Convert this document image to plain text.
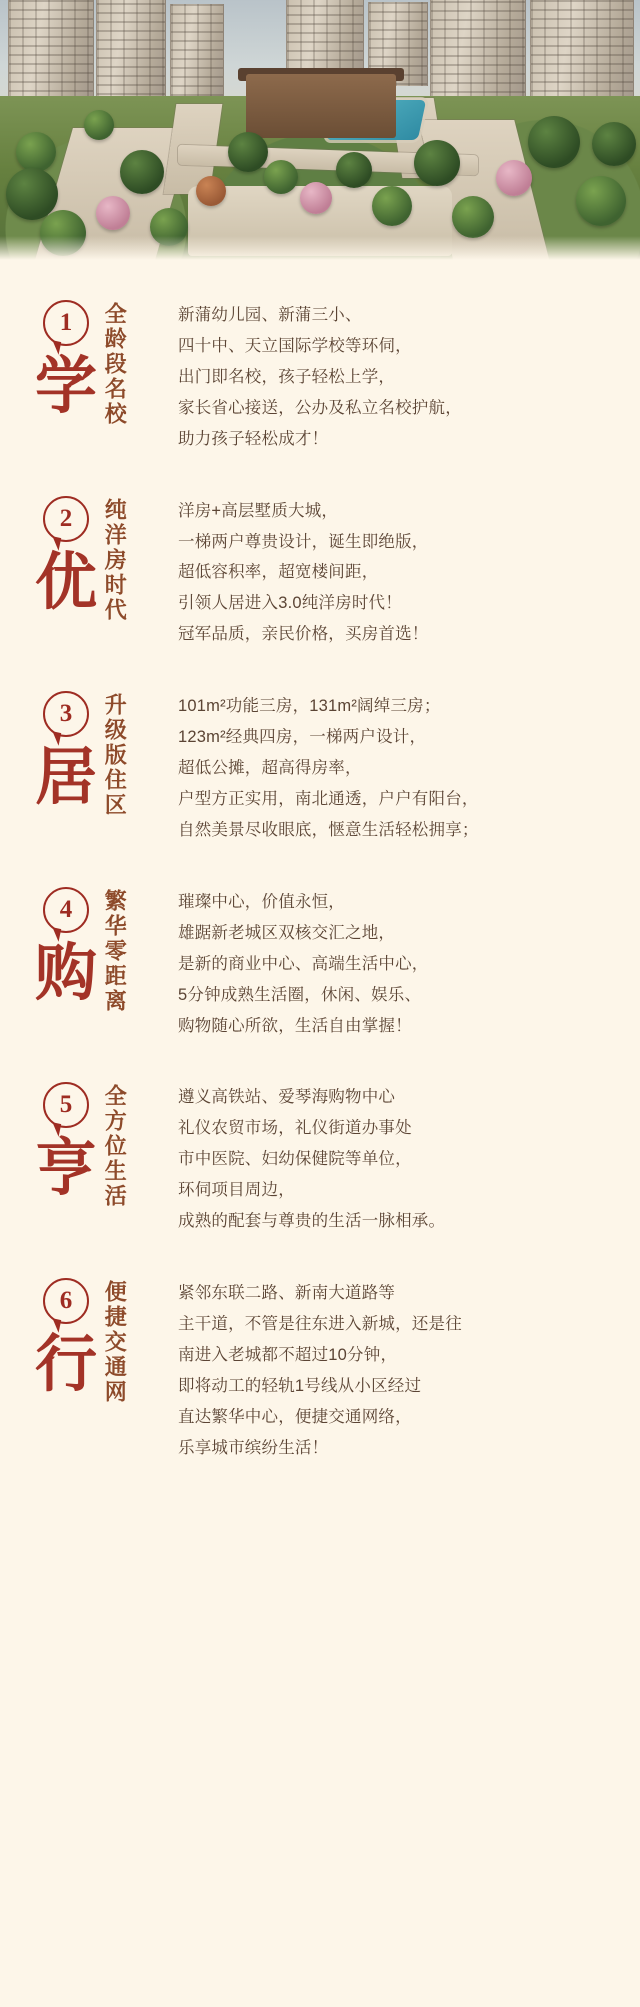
1
学 全龄段名校	新蒲幼儿园、新蒲三小、

四十中、天立国际学校等环伺，

出门即名校，孩子轻松上学，

家长省心接送，公办及私立名校护航，

助力孩子轻松成才！

2
优 纯洋房时代	洋房+高层墅质大城，

一梯两户尊贵设计，诞生即绝版，

超低容积率，超宽楼间距，

引领人居进入3.0纯洋房时代！

冠军品质，亲民价格，买房首选！

3
居 升级版住区	101m²功能三房，131m²阔绰三房；

123m²经典四房，一梯两户设计，

超低公摊，超高得房率，

户型方正实用，南北通透，户户有阳台，

自然美景尽收眼底，惬意生活轻松拥享；

4
购 繁华零距离	璀璨中心，价值永恒，

雄踞新老城区双核交汇之地，

是新的商业中心、高端生活中心，

5分钟成熟生活圈，休闲、娱乐、

购物随心所欲，生活自由掌握！

5
亨 全方位生活	遵义高铁站、爱琴海购物中心

礼仪农贸市场，礼仪街道办事处

市中医院、妇幼保健院等单位，

环伺项目周边，

成熟的配套与尊贵的生活一脉相承。

6
行 便捷交通网	紧邻东联二路、新南大道路等

主干道，不管是往东进入新城，还是往

南进入老城都不超过10分钟，

即将动工的轻轨1号线从小区经过

直达繁华中心，便捷交通网络，

乐享城市缤纷生活！
